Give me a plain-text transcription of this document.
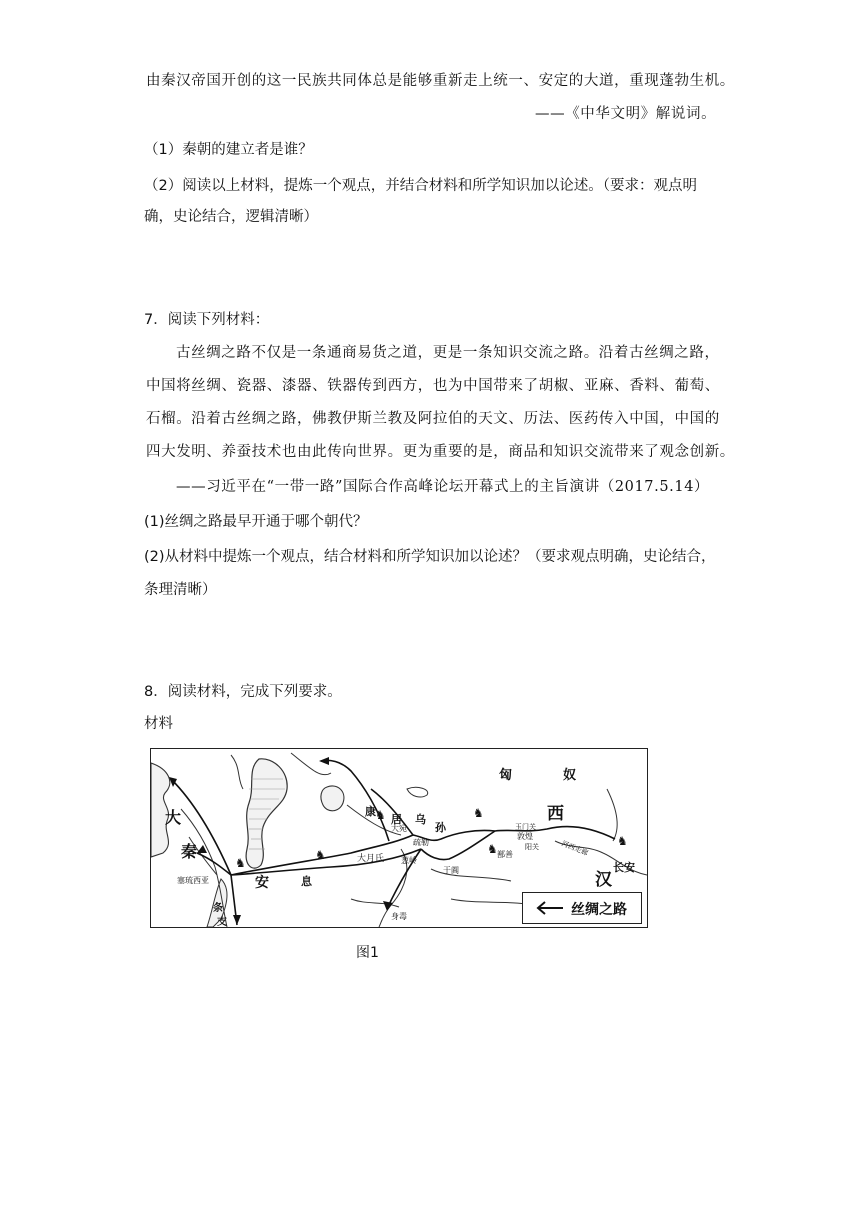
由秦汉帝国开创的这一民族共同体总是能够重新走上统一、安定的大道，重现蓬勃生机。
——《中华文明》解说词。
（1）秦朝的建立者是谁？
（2）阅读以上材料，提炼一个观点，并结合材料和所学知识加以论述。（要求：观点明
确，史论结合，逻辑清晰）
7．阅读下列材料：
古丝绸之路不仅是一条通商易货之道，更是一条知识交流之路。沿着古丝绸之路，
中国将丝绸、瓷器、漆器、铁器传到西方，也为中国带来了胡椒、亚麻、香料、葡萄、
石榴。沿着古丝绸之路，佛教伊斯兰教及阿拉伯的天文、历法、医药传入中国，中国的
四大发明、养蚕技术也由此传向世界。更为重要的是，商品和知识交流带来了观念创新。
——习近平在“一带一路”国际合作高峰论坛开幕式上的主旨演讲（2017.5.14）
(1)丝绸之路最早开通于哪个朝代？
(2)从材料中提炼一个观点，结合材料和所学知识加以论述？（要求观点明确，史论结合，
条理清晰）
8．阅读材料，完成下列要求。
材料
♞
♞
♞
♞
♞
♞
匈	奴
大
秦
康
居 乌
孙
大宛
大月氏
疏勒
葱岭
于阗
鄯善
玉门关
敦煌
阳关	河西走廊
西
汉
长安
安	息
塞琉西亚
条
支
身毒	丝绸之路
图1
